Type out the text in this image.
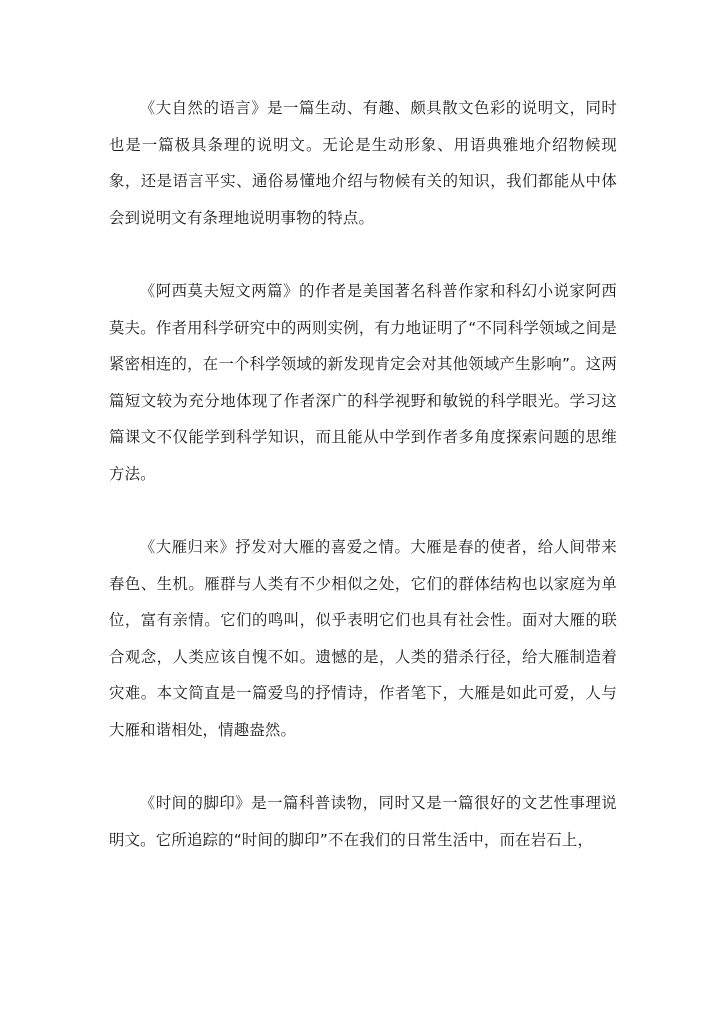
《大自然的语言》是一篇生动、有趣、颇具散文色彩的说明文，同时也是一篇极具条理的说明文。无论是生动形象、用语典雅地介绍物候现象，还是语言平实、通俗易懂地介绍与物候有关的知识，我们都能从中体会到说明文有条理地说明事物的特点。

《阿西莫夫短文两篇》的作者是美国著名科普作家和科幻小说家阿西莫夫。作者用科学研究中的两则实例，有力地证明了“不同科学领域之间是紧密相连的，在一个科学领域的新发现肯定会对其他领域产生影响”。这两篇短文较为充分地体现了作者深广的科学视野和敏锐的科学眼光。学习这篇课文不仅能学到科学知识，而且能从中学到作者多角度探索问题的思维方法。

《大雁归来》抒发对大雁的喜爱之情。大雁是春的使者，给人间带来春色、生机。雁群与人类有不少相似之处，它们的群体结构也以家庭为单位，富有亲情。它们的鸣叫，似乎表明它们也具有社会性。面对大雁的联合观念，人类应该自愧不如。遗憾的是，人类的猎杀行径，给大雁制造着灾难。本文简直是一篇爱鸟的抒情诗，作者笔下，大雁是如此可爱，人与大雁和谐相处，情趣盎然。

《时间的脚印》是一篇科普读物，同时又是一篇很好的文艺性事理说明文。它所追踪的“时间的脚印”不在我们的日常生活中，而在岩石上，
